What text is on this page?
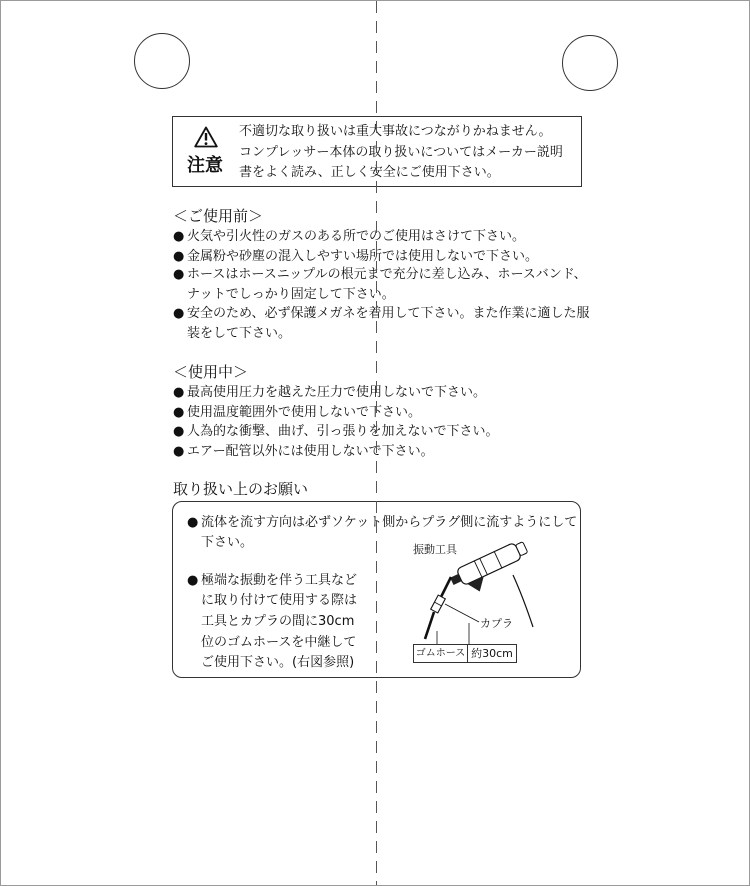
注意
不適切な取り扱いは重大事故につながりかねません。
コンプレッサー本体の取り扱いについてはメーカー説明
書をよく読み、正しく安全にご使用下さい。
＜ご使用前＞
● 火気や引火性のガスのある所でのご使用はさけて下さい。
● 金属粉や砂塵の混入しやすい場所では使用しないで下さい。
● ホースはホースニップルの根元まで充分に差し込み、ホースバンド、
ナットでしっかり固定して下さい。
● 安全のため、必ず保護メガネを着用して下さい。また作業に適した服
装をして下さい。
＜使用中＞
● 最高使用圧力を越えた圧力で使用しないで下さい。
● 使用温度範囲外で使用しないで下さい。
● 人為的な衝撃、曲げ、引っ張りを加えないで下さい。
● エアー配管以外には使用しないで下さい。
取り扱い上のお願い
● 流体を流す方向は必ずソケット側からプラグ側に流すようにして
下さい。
● 極端な振動を伴う工具など
に取り付けて使用する際は
工具とカプラの間に30cm
位のゴムホースを中継して
ご使用下さい。(右図参照)
振動工具
カプラ
ゴムホース 約30cm
